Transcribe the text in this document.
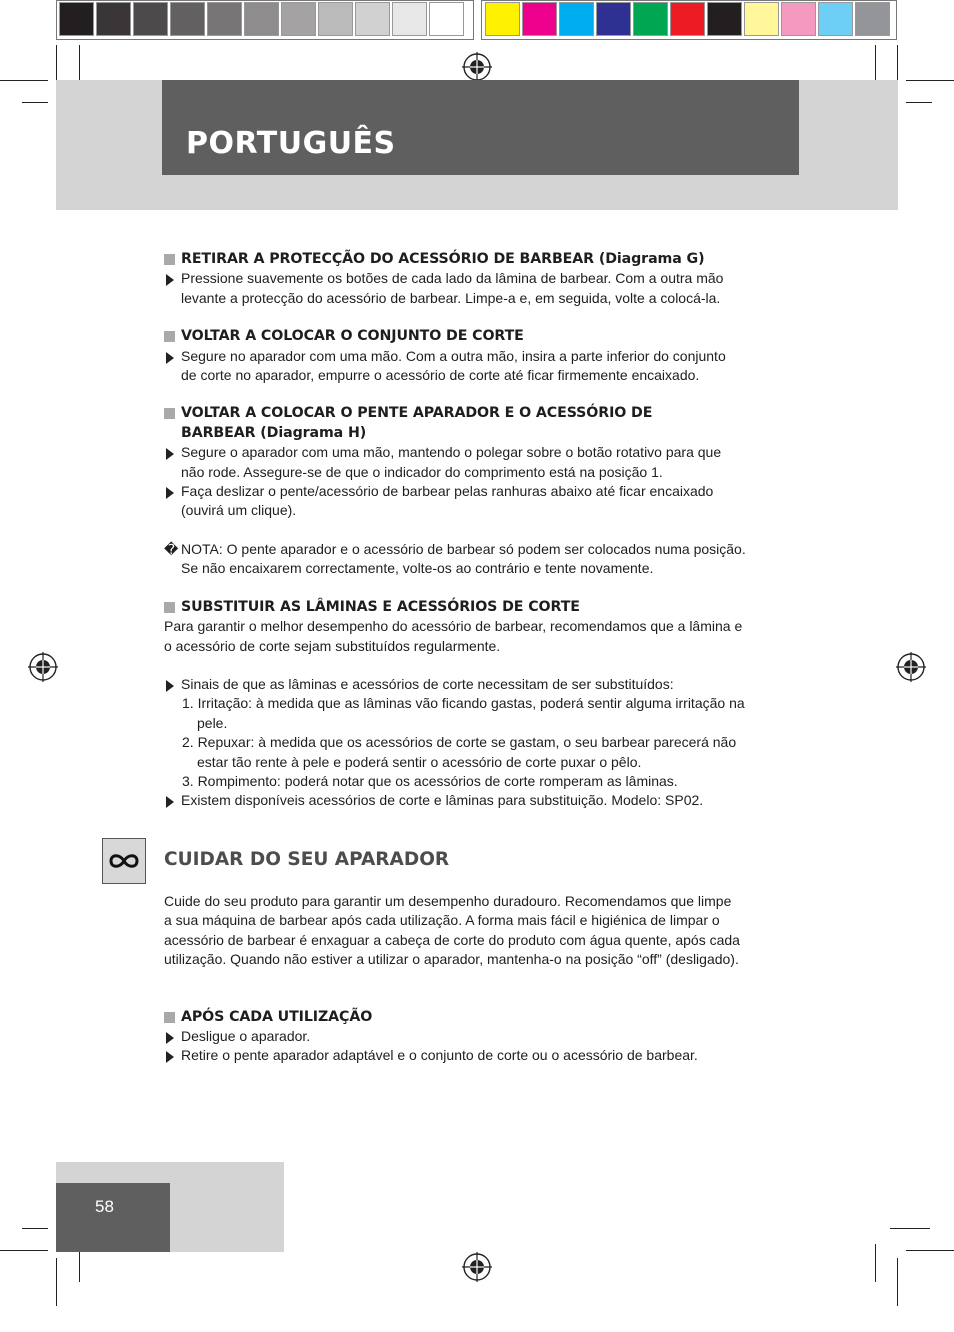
PORTUGUÊS

RETIRAR A PROTECÇÃO DO ACESSÓRIO DE BARBEAR (Diagrama G)

Pressione suavemente os botões de cada lado da lâmina de barbear. Com a outra mão
levante a protecção do acessório de barbear. Limpe-a e, em seguida, volte a colocá-la.

VOLTAR A COLOCAR O CONJUNTO DE CORTE

Segure no aparador com uma mão. Com a outra mão, insira a parte inferior do conjunto
de corte no aparador, empurre o acessório de corte até ficar firmemente encaixado.

VOLTAR A COLOCAR O PENTE APARADOR E O ACESSÓRIO DE
BARBEAR (Diagrama H)

Segure o aparador com uma mão, mantendo o polegar sobre o botão rotativo para que
não rode. Assegure-se de que o indicador do comprimento está na posição 1.
Faça deslizar o pente/acessório de barbear pelas ranhuras abaixo até ficar encaixado
(ouvirá um clique).
� NOTA: O pente aparador e o acessório de barbear só podem ser colocados numa posição.
Se não encaixarem correctamente, volte-os ao contrário e tente novamente.

SUBSTITUIR AS LÂMINAS E ACESSÓRIOS DE CORTE

Para garantir o melhor desempenho do acessório de barbear, recomendamos que a lâmina e
o acessório de corte sejam substituídos regularmente.

Sinais de que as lâminas e acessórios de corte necessitam de ser substituídos:
1. Irritação: à medida que as lâminas vão ficando gastas, poderá sentir alguma irritação na
pele.
2. Repuxar: à medida que os acessórios de corte se gastam, o seu barbear parecerá não
estar tão rente à pele e poderá sentir o acessório de corte puxar o pêlo.
3. Rompimento: poderá notar que os acessórios de corte romperam as lâminas.
Existem disponíveis acessórios de corte e lâminas para substituição. Modelo: SP02.
CUIDAR DO SEU APARADOR

Cuide do seu produto para garantir um desempenho duradouro. Recomendamos que limpe
a sua máquina de barbear após cada utilização. A forma mais fácil e higiénica de limpar o
acessório de barbear é enxaguar a cabeça de corte do produto com água quente, após cada
utilização. Quando não estiver a utilizar o aparador, mantenha-o na posição “off” (desligado).

APÓS CADA UTILIZAÇÃO

Desligue o aparador.
Retire o pente aparador adaptável e o conjunto de corte ou o acessório de barbear.

58
